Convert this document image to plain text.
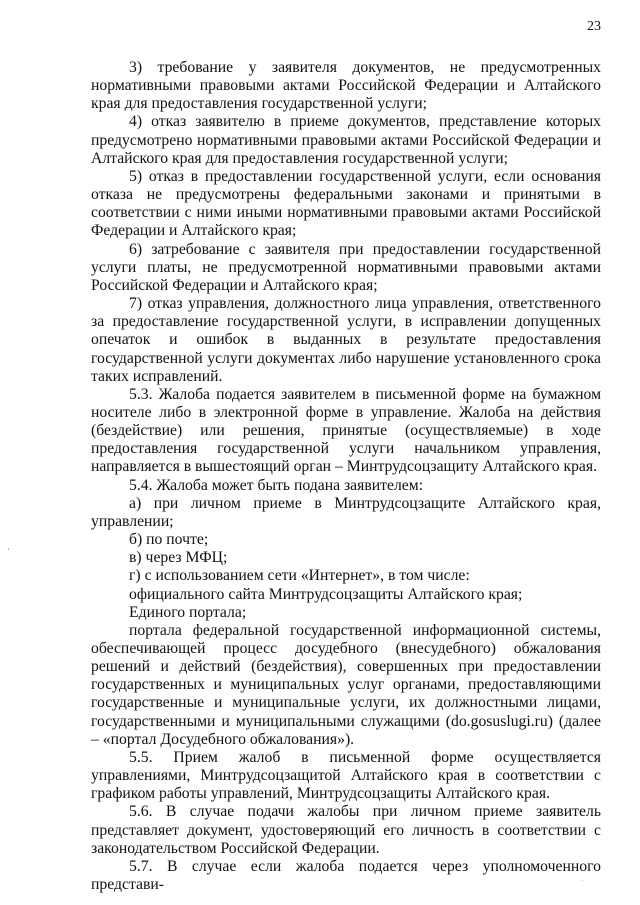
23

3) требование у заявителя документов, не предусмотренных нормативными правовыми актами Российской Федерации и Алтайского края для предоставления государственной услуги;

4) отказ заявителю в приеме документов, представление которых предусмотрено нормативными правовыми актами Российской Федерации и Алтайского края для предоставления государственной услуги;

5) отказ в предоставлении государственной услуги, если основания отказа не предусмотрены федеральными законами и принятыми в соответствии с ними иными нормативными правовыми актами Российской Федерации и Алтайского края;

6) затребование с заявителя при предоставлении государственной услуги платы, не предусмотренной нормативными правовыми актами Российской Федерации и Алтайского края;

7) отказ управления, должностного лица управления, ответственного за предоставление государственной услуги, в исправлении допущенных опечаток и ошибок в выданных в результате предоставления государственной услуги документах либо нарушение установленного срока таких исправлений.

5.3. Жалоба подается заявителем в письменной форме на бумажном носителе либо в электронной форме в управление. Жалоба на действия (бездействие) или решения, принятые (осуществляемые) в ходе предоставления государственной услуги начальником управления, направляется в вышестоящий орган – Минтрудсоцзащиту Алтайского края.

5.4. Жалоба может быть подана заявителем:

а) при личном приеме в Минтрудсоцзащите Алтайского края, управлении;

б) по почте;

в) через МФЦ;

г) с использованием сети «Интернет», в том числе:

официального сайта Минтрудсоцзащиты Алтайского края;

Единого портала;

портала федеральной государственной информационной системы, обеспечивающей процесс досудебного (внесудебного) обжалования решений и действий (бездействия), совершенных при предоставлении государственных и муниципальных услуг органами, предоставляющими государственные и муниципальные услуги, их должностными лицами, государственными и муниципальными служащими (do.gosuslugi.ru) (далее – «портал Досудебного обжалования»).

5.5. Прием жалоб в письменной форме осуществляется управлениями, Минтрудсоцзащитой Алтайского края в соответствии с графиком работы управлений, Минтрудсоцзащиты Алтайского края.

5.6. В случае подачи жалобы при личном приеме заявитель представляет документ, удостоверяющий его личность в соответствии с законодательством Российской Федерации.

5.7. В случае если жалоба подается через уполномоченного представи-
